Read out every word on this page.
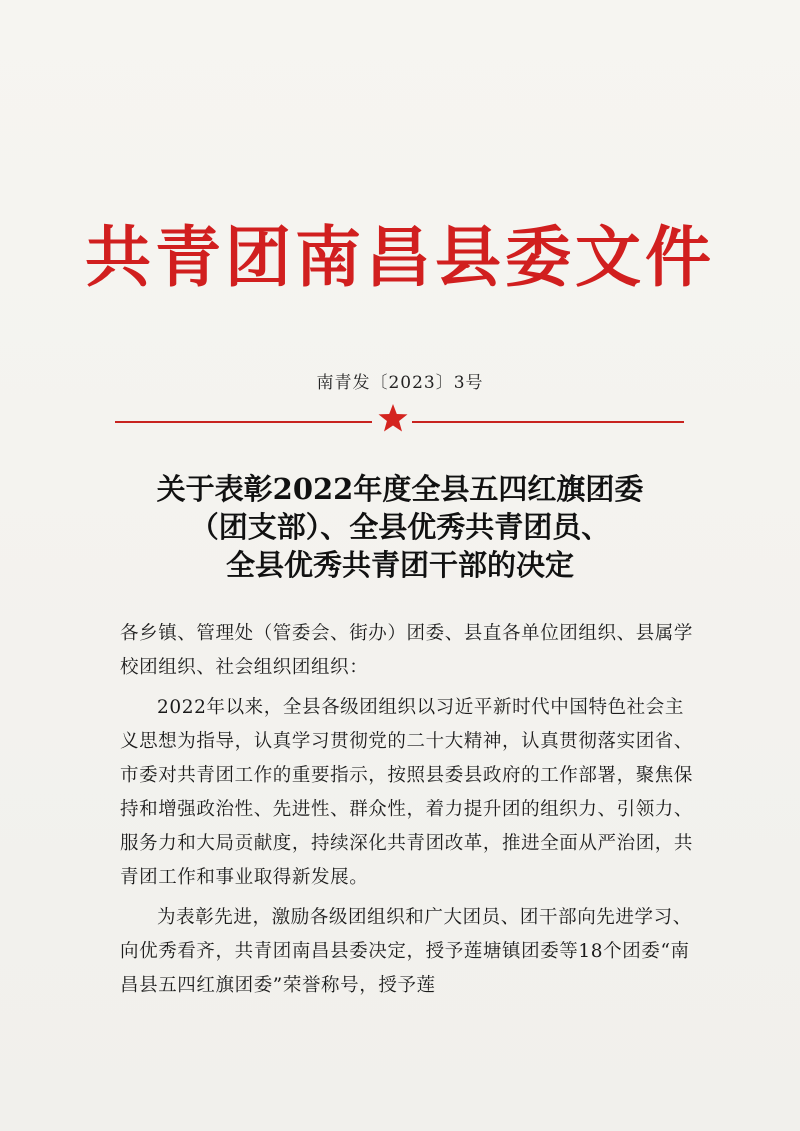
共青团南昌县委文件
南青发〔2023〕3号
关于表彰2022年度全县五四红旗团委
（团支部）、全县优秀共青团员、
全县优秀共青团干部的决定

各乡镇、管理处（管委会、街办）团委、县直各单位团组织、县属学校团组织、社会组织团组织：

2022年以来，全县各级团组织以习近平新时代中国特色社会主义思想为指导，认真学习贯彻党的二十大精神，认真贯彻落实团省、市委对共青团工作的重要指示，按照县委县政府的工作部署，聚焦保持和增强政治性、先进性、群众性，着力提升团的组织力、引领力、服务力和大局贡献度，持续深化共青团改革，推进全面从严治团，共青团工作和事业取得新发展。

为表彰先进，激励各级团组织和广大团员、团干部向先进学习、向优秀看齐，共青团南昌县委决定，授予莲塘镇团委等18个团委“南昌县五四红旗团委”荣誉称号，授予莲
